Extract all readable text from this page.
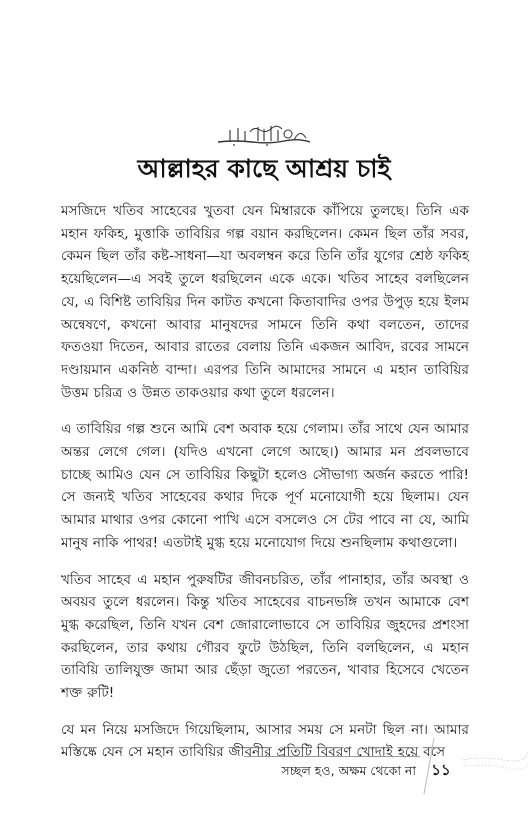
আল্লাহর কাছে আশ্রয় চাই

মসজিদে খতিব সাহেবের খুতবা যেন মিম্বারকে কাঁপিয়ে তুলছে। তিনি এক মহান ফকিহ, মুত্তাকি তাবিয়ির গল্প বয়ান করছিলেন। কেমন ছিল তাঁর সবর, কেমন ছিল তাঁর কষ্ট-সাধনা—যা অবলম্বন করে তিনি তাঁর যুগের শ্রেষ্ঠ ফকিহ হয়েছিলেন—এ সবই তুলে ধরছিলেন একে একে। খতিব সাহেব বলছিলেন যে, এ বিশিষ্ট তাবিয়ির দিন কাটত কখনো কিতাবাদির ওপর উপুড় হয়ে ইলম অন্বেষণে, কখনো আবার মানুষদের সামনে তিনি কথা বলতেন, তাদের ফতওয়া দিতেন, আবার রাতের বেলায় তিনি একজন আবিদ, রবের সামনে দণ্ডায়মান একনিষ্ঠ বান্দা। এরপর তিনি আমাদের সামনে এ মহান তাবিয়ির উত্তম চরিত্র ও উন্নত তাকওয়ার কথা তুলে ধরলেন।

এ তাবিয়ির গল্প শুনে আমি বেশ অবাক হয়ে গেলাম। তাঁর সাথে যেন আমার অন্তর লেগে গেল। (যদিও এখনো লেগে আছে।) আমার মন প্রবলভাবে চাচ্ছে আমিও যেন সে তাবিয়ির কিছুটা হলেও সৌভাগ্য অর্জন করতে পারি! সে জন্যই খতিব সাহেবের কথার দিকে পূর্ণ মনোযোগী হয়ে ছিলাম। যেন আমার মাথার ওপর কোনো পাখি এসে বসলেও সে টের পাবে না যে, আমি মানুষ নাকি পাথর! এতটাই মুগ্ধ হয়ে মনোযোগ দিয়ে শুনছিলাম কথাগুলো।

খতিব সাহেব এ মহান পুরুষটির জীবনচরিত, তাঁর পানাহার, তাঁর অবস্থা ও অবয়ব তুলে ধরলেন। কিন্তু খতিব সাহেবের বাচনভঙ্গি তখন আমাকে বেশ মুগ্ধ করেছিল, তিনি যখন বেশ জোরালোভাবে সে তাবিয়ির জুহদের প্রশংসা করছিলেন, তার কথায় গৌরব ফুটে উঠছিল, তিনি বলছিলেন, এ মহান তাবিয়ি তালিযুক্ত জামা আর ছেঁড়া জুতো পরতেন, খাবার হিসেবে খেতেন শক্ত রুটি!

যে মন নিয়ে মসজিদে গিয়েছিলাম, আসার সময় সে মনটা ছিল না। আমার মস্তিষ্কে যেন সে মহান তাবিয়ির জীবনীর প্রতিটি বিবরণ খোদাই হয়ে বসে

সচ্ছল হও, অক্ষম থেকো না	১১
